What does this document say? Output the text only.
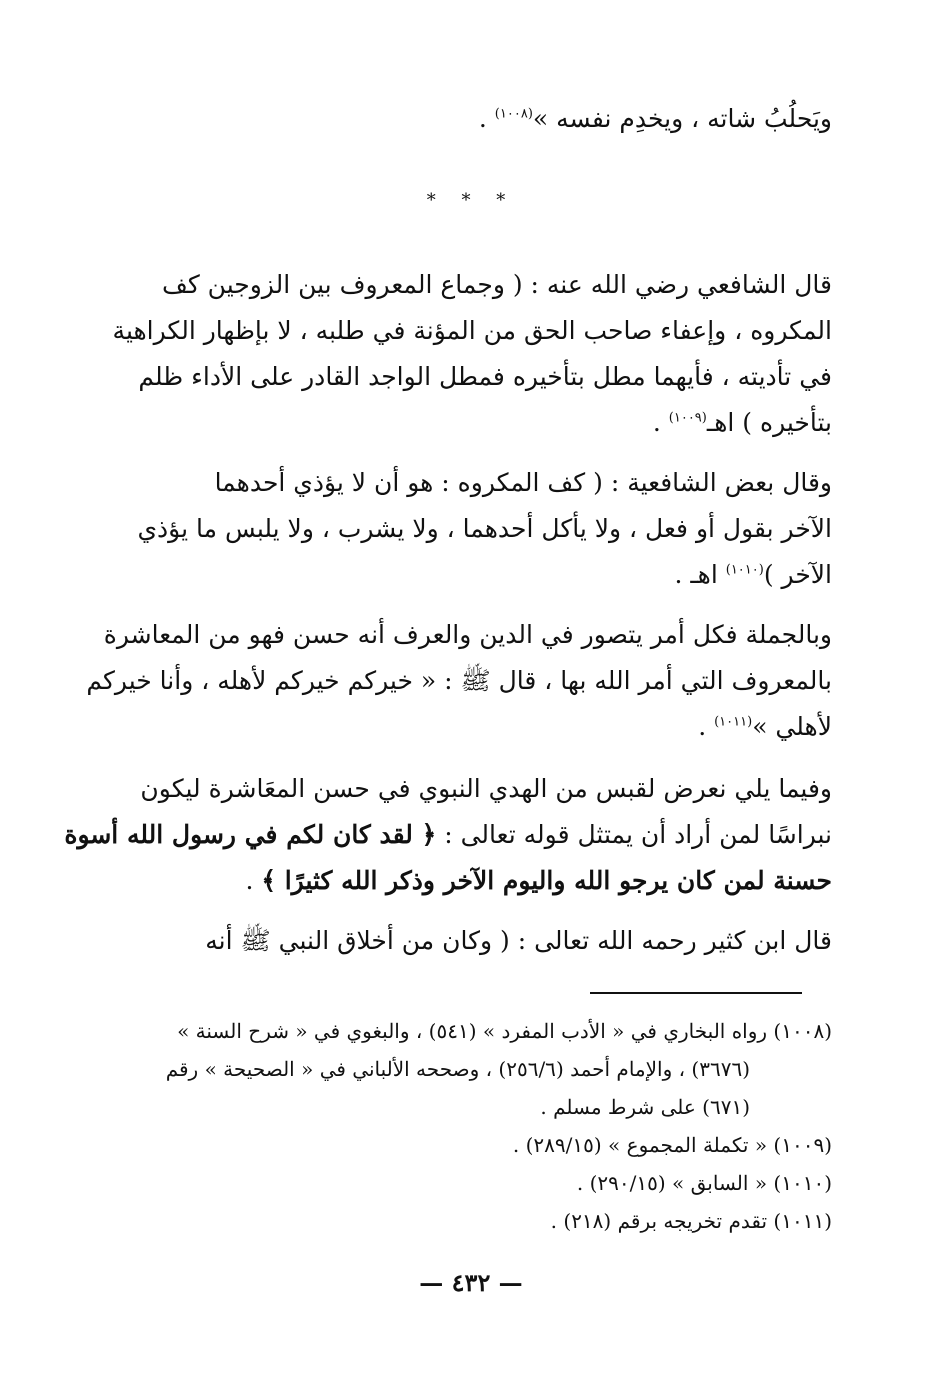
ويَحلُبُ شاته ، ويخدِم نفسه »$^{(١٠٠٨)}$ .
* * *
قال الشافعي رضي الله عنه : ( وجماع المعروف بين الزوجين كف
المكروه ، وإعفاء صاحب الحق من المؤنة في طلبه ، لا بإظهار الكراهية
في تأديته ، فأيهما مطل بتأخيره فمطل الواجد القادر على الأداء ظلم
بتأخيره ) اهـ$^{(١٠٠٩)}$ .
وقال بعض الشافعية : ( كف المكروه : هو أن لا يؤذي أحدهما
الآخر بقول أو فعل ، ولا يأكل أحدهما ، ولا يشرب ، ولا يلبس ما يؤذي
الآخر )$^{(١٠١٠)}$ اهـ .
وبالجملة فكل أمر يتصور في الدين والعرف أنه حسن فهو من المعاشرة
بالمعروف التي أمر الله بها ، قال ﷺ : « خيركم خيركم لأهله ، وأنا خيركم
لأهلي »$^{(١٠١١)}$ .
وفيما يلي نعرض لقبس من الهدي النبوي في حسن المعَاشرة ليكون
نبراسًا لمن أراد أن يمتثل قوله تعالى : ﴿ لقد كان لكم في رسول الله أسوة
حسنة لمن كان يرجو الله واليوم الآخر وذكر الله كثيرًا ﴾ .
قال ابن كثير رحمه الله تعالى : ( وكان من أخلاق النبي ﷺ أنه
(١٠٠٨) رواه البخاري في « الأدب المفرد » (٥٤١) ، والبغوي في « شرح السنة »
(٣٦٧٦) ، والإمام أحمد (٢٥٦/٦) ، وصححه الألباني في « الصحيحة » رقم
(٦٧١) على شرط مسلم .
(١٠٠٩) « تكملة المجموع » (٢٨٩/١٥) .
(١٠١٠) « السابق » (٢٩٠/١٥) .
(١٠١١) تقدم تخريجه برقم (٢١٨) .
— ٤٣٢ —
